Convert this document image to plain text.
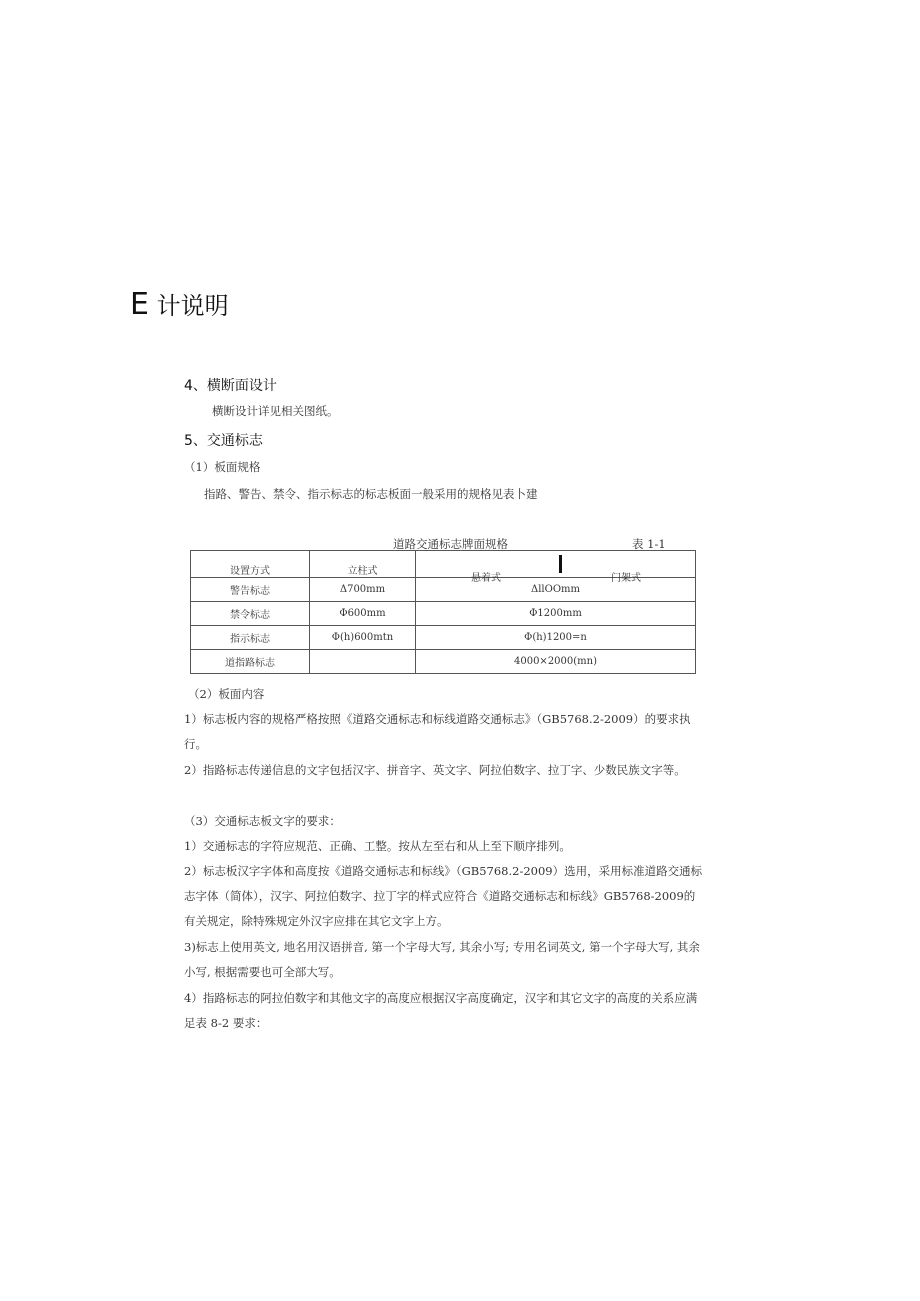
E 计说明
4、横断面设计
横断设计详见相关图纸。
5、交通标志
（1）板面规格
指路、警告、禁令、指示标志的标志板面一般采用的规格见表卜建
道路交通标志牌面规格	表 1-1
设置方式	立柱式	悬着式 门架式

警告标志	Δ700mm	ΔllOOmm
禁令标志	Φ600mm	Φ1200mm
指示标志	Φ(h)600mtn	Φ(h)1200=n
道指路标志		4000×2000(mn)
（2）板面内容
1）标志板内容的规格严格按照《道路交通标志和标线道路交通标志》（GB5768.2-2009）的要求执行。
2）指路标志传递信息的文字包括汉字、拼音字、英文字、阿拉伯数字、拉丁字、少数民族文字等。
（3）交通标志板文字的要求：
1）交通标志的字符应规范、正确、工整。按从左至右和从上至下顺序排列。
2）标志板汉字字体和高度按《道路交通标志和标线》（GB5768.2-2009）选用，采用标准道路交通标志字体（简体），汉字、阿拉伯数字、拉丁字的样式应符合《道路交通标志和标线》GB5768-2009的有关规定，除特殊规定外汉字应排在其它文字上方。
3)标志上使用英文, 地名用汉语拼音, 第一个字母大写, 其余小写; 专用名词英文, 第一个字母大写, 其余小写, 根据需要也可全部大写。
4）指路标志的阿拉伯数字和其他文字的高度应根据汉字高度确定，汉字和其它文字的高度的关系应满足表 8-2 要求：
